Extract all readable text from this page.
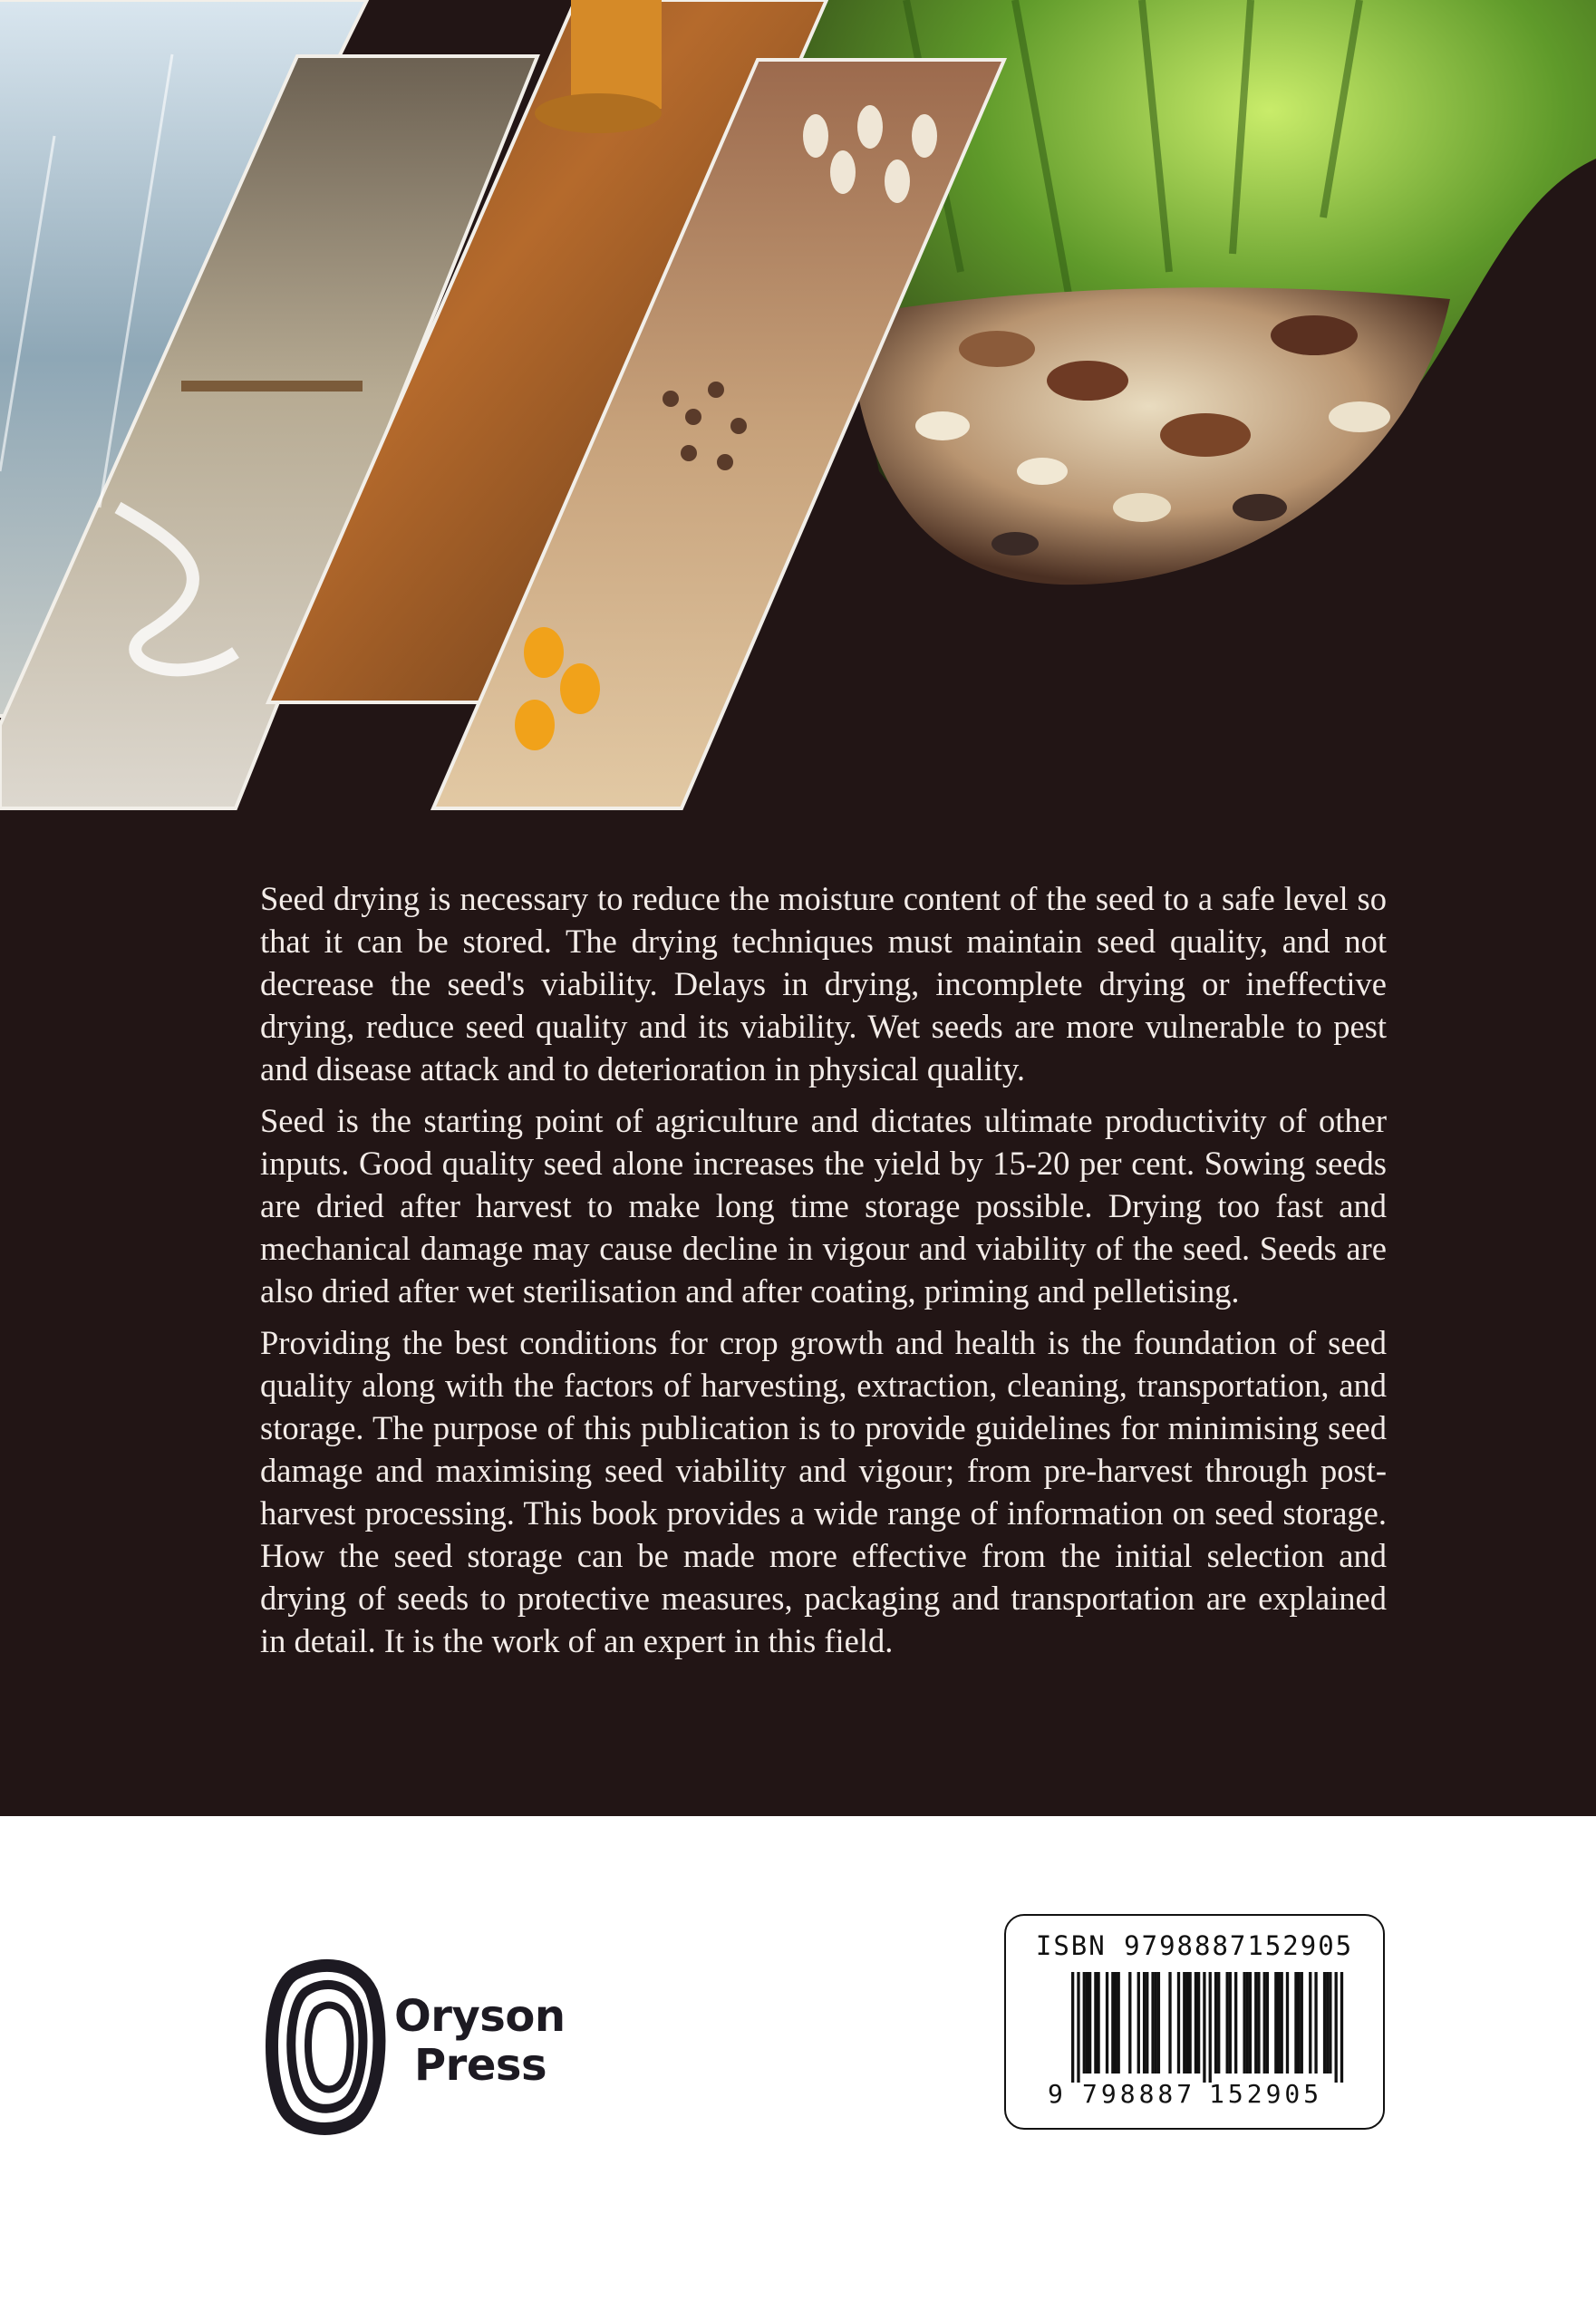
Seed drying is necessary to reduce the moisture content of the seed to a safe level so that it can be stored. The drying techniques must maintain seed quality, and not decrease the seed's viability. Delays in drying, incomplete drying or ineffective drying, reduce seed quality and its viability. Wet seeds are more vulnerable to pest and disease attack and to deterioration in physical quality.

Seed is the starting point of agriculture and dictates ultimate productivity of other inputs. Good quality seed alone increases the yield by 15-20 per cent. Sowing seeds are dried after harvest to make long time storage possible. Drying too fast and mechanical damage may cause decline in vigour and viability of the seed. Seeds are also dried after wet sterilisation and after coating, priming and pelletising.

Providing the best conditions for crop growth and health is the foundation of seed quality along with the factors of harvesting, extraction, cleaning, transportation, and storage. The purpose of this publication is to provide guidelines for minimising seed damage and maximising seed viability and vigour; from pre-harvest through post-harvest processing. This book provides a wide range of information on seed storage. How the seed storage can be made more effective from the initial selection and drying of seeds to protective measures, packaging and transportation are explained in detail. It is the work of an expert in this field.

Oryson
Press
ISBN 9798887152905
9 798887 152905
